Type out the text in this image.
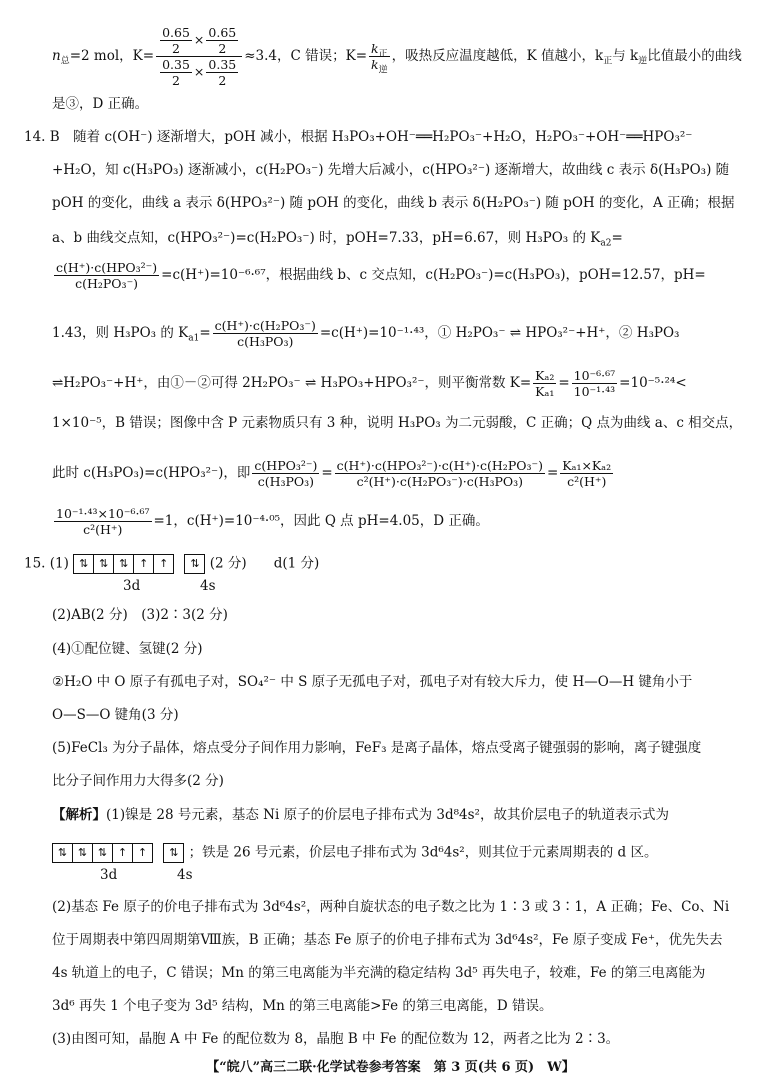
$n_总=2$ mol，$K= \frac{\frac{0.65}{2} \times \frac{0.65}{2}}{\frac{0.35}{2} \times \frac{0.35}{2}} \approx 3.4$，C 错误；$K= \frac{k_正}{k_逆}$ ，吸热反应温度越低，K 值越小，$k_正$与 $k_逆$比值最小的曲线
是③，D 正确。
14. B　随着 c(OH⁻) 逐渐增大，pOH 减小，根据 H₃PO₃+OH⁻══H₂PO₃⁻+H₂O，H₂PO₃⁻+OH⁻══HPO₃²⁻
+H₂O，知 c(H₃PO₃) 逐渐减小，c(H₂PO₃⁻) 先增大后减小，c(HPO₃²⁻) 逐渐增大，故曲线 c 表示 δ(H₃PO₃) 随
pOH 的变化，曲线 a 表示 δ(HPO₃²⁻) 随 pOH 的变化，曲线 b 表示 δ(H₂PO₃⁻) 随 pOH 的变化，A 正确；根据
a、b 曲线交点知，c(HPO₃²⁻)=c(H₂PO₃⁻) 时，pOH=7.33，pH=6.67，则 H₃PO₃ 的 $K_{a2}=$
$\frac{\text{c(H⁺)·c(HPO₃²⁻)}}{\text{c(H₂PO₃⁻)}} =c(H^+)=10^{-6}\cdot^{67}$，根据曲线 b、c 交点知，c(H₂PO₃⁻)=c(H₃PO₃)，pOH=12.57，pH=
1.43，则 H₃PO₃ 的 $K_{a1}= \frac{\text{c(H⁺)·c(H₂PO₃⁻)}}{\text{c(H₃PO₃)}} =c(H^+)=10^{-1}\cdot^{43}$，① H₂PO₃⁻ ⇌ HPO₃²⁻+H⁺，② H₃PO₃
⇌H₂PO₃⁻+H⁺，由①－②可得 2H₂PO₃⁻ ⇌ H₃PO₃+HPO₃²⁻，则平衡常数 $K= \frac{\text{Kₐ₂}}{\text{Kₐ₁}} = \frac{\text{10⁻⁶·⁶⁷}}{\text{10⁻¹·⁴³}} =10^{-5}\cdot^{24}<$
1×10⁻⁵，B 错误；图像中含 P 元素物质只有 3 种，说明 H₃PO₃ 为二元弱酸，C 正确；Q 点为曲线 a、c 相交点，
此时 c(H₃PO₃)=c(HPO₃²⁻)，即 $\frac{\text{c(HPO₃²⁻)}}{\text{c(H₃PO₃)}} = \frac{\text{c(H⁺)·c(HPO₃²⁻)·c(H⁺)·c(H₂PO₃⁻)}}{\text{c²(H⁺)·c(H₂PO₃⁻)·c(H₃PO₃)}} = \frac{\text{Kₐ₁×Kₐ₂}}{\text{c²(H⁺)}}$
$\frac{\text{10⁻¹·⁴³×10⁻⁶·⁶⁷}}{\text{c²(H⁺)}} =1$，c(H⁺)=10⁻⁴·⁰⁵，因此 Q 点 pH=4.05，D 正确。
15. (1) ⇅ ⇅ ⇅ ↑ ↑ ⇅ (2 分)　　d(1 分)
3d	4s
(2)AB(2 分)　(3)2∶3(2 分)
(4)①配位键、氢键(2 分)
②H₂O 中 O 原子有孤电子对，SO₄²⁻ 中 S 原子无孤电子对，孤电子对有较大斥力，使 H—O—H 键角小于
O—S—O 键角(3 分)
(5)FeCl₃ 为分子晶体，熔点受分子间作用力影响，FeF₃ 是离子晶体，熔点受离子键强弱的影响，离子键强度
比分子间作用力大得多(2 分)
【解析】(1)镍是 28 号元素，基态 Ni 原子的价层电子排布式为 3d⁸4s²，故其价层电子的轨道表示式为
⇅ ⇅ ⇅ ↑ ↑ ⇅ ；铁是 26 号元素，价层电子排布式为 3d⁶4s²，则其位于元素周期表的 d 区。
3d	4s
(2)基态 Fe 原子的价电子排布式为 3d⁶4s²，两种自旋状态的电子数之比为 1∶3 或 3∶1，A 正确；Fe、Co、Ni
位于周期表中第四周期第Ⅷ族，B 正确；基态 Fe 原子的价电子排布式为 3d⁶4s²，Fe 原子变成 Fe⁺，优先失去
4s 轨道上的电子，C 错误；Mn 的第三电离能为半充满的稳定结构 3d⁵ 再失电子，较难，Fe 的第三电离能为
3d⁶ 再失 1 个电子变为 3d⁵ 结构，Mn 的第三电离能>Fe 的第三电离能，D 错误。
(3)由图可知，晶胞 A 中 Fe 的配位数为 8，晶胞 B 中 Fe 的配位数为 12，两者之比为 2∶3。
【“皖八”高三二联·化学试卷参考答案　第 3 页(共 6 页)　W】
